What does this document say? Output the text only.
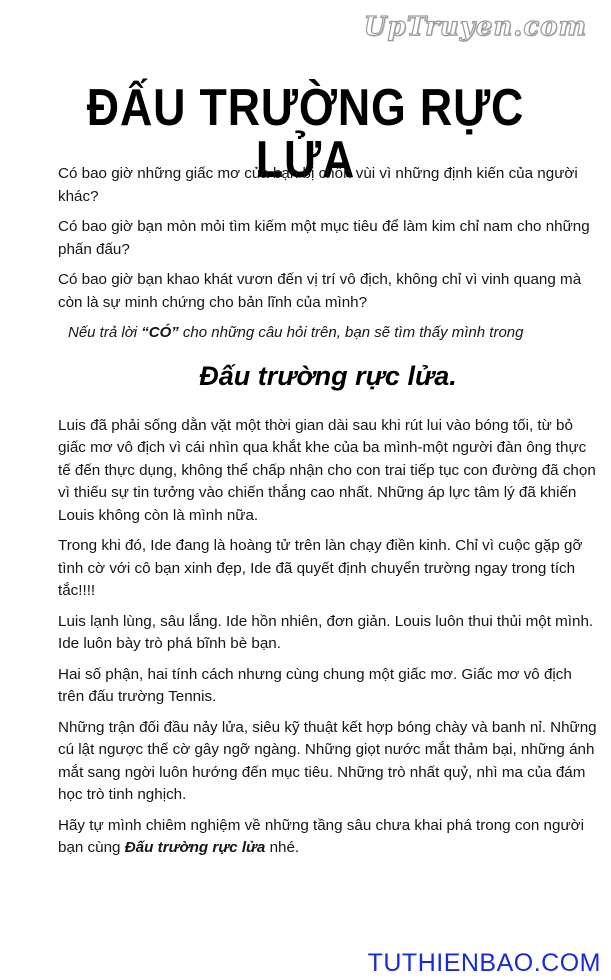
UpTruyen.com
ĐẤU TRƯỜNG RỰC LỬA

Có bao giờ những giấc mơ của bạn bị chôn vùi vì những định kiến của người khác?

Có bao giờ bạn mòn mỏi tìm kiếm một mục tiêu để làm kim chỉ nam cho những phấn đấu?

Có bao giờ bạn khao khát vươn đến vị trí vô địch, không chỉ vì vinh quang mà còn là sự minh chứng cho bản lĩnh của mình?

Nếu trả lời “CÓ” cho những câu hỏi trên, bạn sẽ tìm thấy mình trong

Đấu trường rực lửa.

Luis đã phải sống dằn vặt một thời gian dài sau khi rút lui vào bóng tối, từ bỏ giấc mơ vô địch vì cái nhìn qua khắt khe của ba mình-một người đàn ông thực tế đến thực dụng, không thể chấp nhận cho con trai tiếp tục con đường đã chọn vì thiếu sự tin tưởng vào chiến thắng cao nhất. Những áp lực tâm lý đã khiến Louis không còn là mình nữa.

Trong khi đó, Ide đang là hoàng tử trên làn chạy điền kinh. Chỉ vì cuộc gặp gỡ tình cờ với cô bạn xinh đẹp, Ide đã quyết định chuyển trường ngay trong tích tắc!!!!

Luis lạnh lùng, sâu lắng. Ide hồn nhiên, đơn giản. Louis luôn thui thủi một mình. Ide luôn bày trò phá bĩnh bè bạn.

Hai số phận, hai tính cách nhưng cùng chung một giấc mơ. Giấc mơ vô địch trên đấu trường Tennis.

Những trận đối đầu nảy lửa, siêu kỹ thuật kết hợp bóng chày và banh nỉ. Những cú lật ngược thế cờ gây ngỡ ngàng. Những giọt nước mắt thảm bại, những ánh mắt sang ngời luôn hướng đến mục tiêu. Những trò nhất quỷ, nhì ma của đám học trò tinh nghịch.

Hãy tự mình chiêm nghiệm về những tầng sâu chưa khai phá trong con người bạn cùng Đấu trường rực lửa nhé.

TUTHIENBAO.COM
